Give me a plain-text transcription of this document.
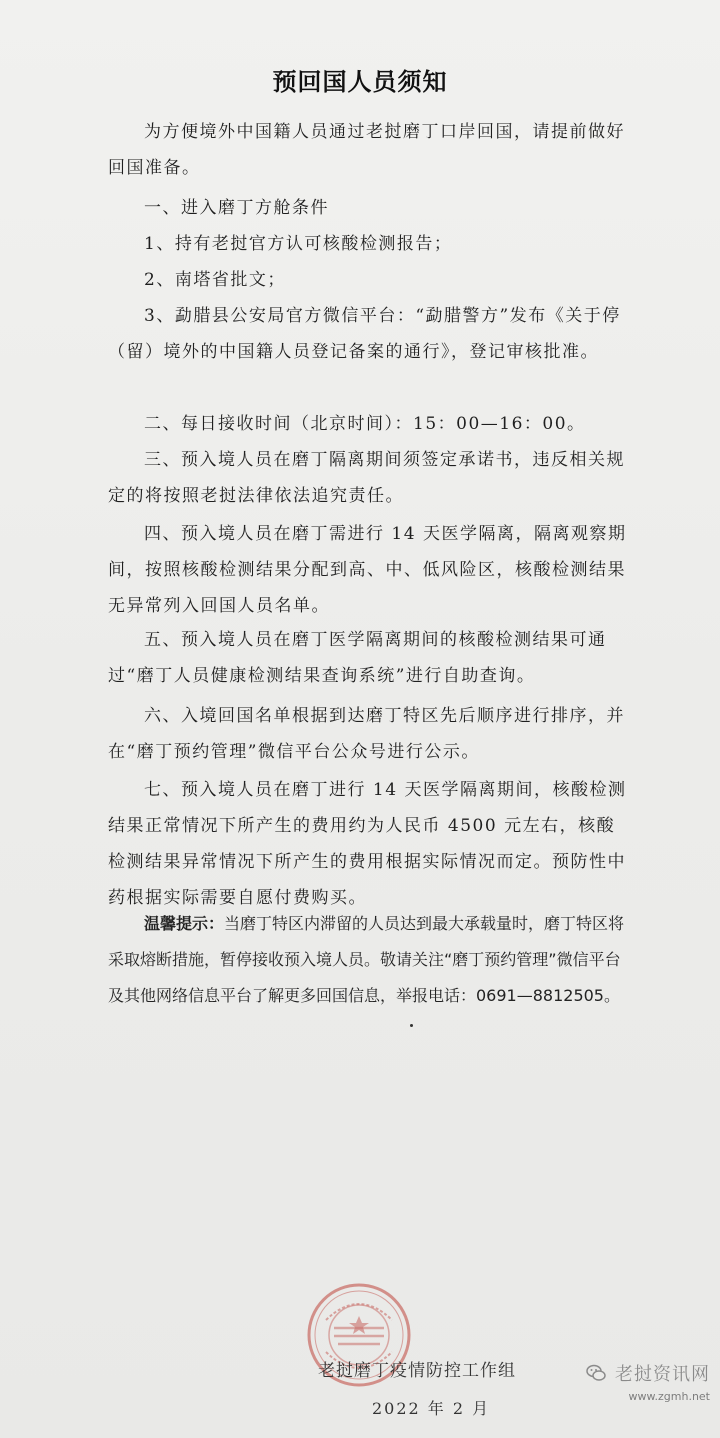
预回国人员须知
为方便境外中国籍人员通过老挝磨丁口岸回国，请提前做好回国准备。
一、进入磨丁方舱条件
1、持有老挝官方认可核酸检测报告；
2、南塔省批文；
3、勐腊县公安局官方微信平台：“勐腊警方”发布《关于停（留）境外的中国籍人员登记备案的通行》，登记审核批准。
二、每日接收时间（北京时间）：15：00—16：00。
三、预入境人员在磨丁隔离期间须签定承诺书，违反相关规定的将按照老挝法律依法追究责任。
四、预入境人员在磨丁需进行 14 天医学隔离，隔离观察期间，按照核酸检测结果分配到高、中、低风险区，核酸检测结果无异常列入回国人员名单。
五、预入境人员在磨丁医学隔离期间的核酸检测结果可通过“磨丁人员健康检测结果查询系统”进行自助查询。
六、入境回国名单根据到达磨丁特区先后顺序进行排序，并在“磨丁预约管理”微信平台公众号进行公示。
七、预入境人员在磨丁进行 14 天医学隔离期间，核酸检测结果正常情况下所产生的费用约为人民币 4500 元左右，核酸检测结果异常情况下所产生的费用根据实际情况而定。预防性中药根据实际需要自愿付费购买。
温馨提示：当磨丁特区内滞留的人员达到最大承载量时，磨丁特区将采取熔断措施，暂停接收预入境人员。敬请关注“磨丁预约管理”微信平台及其他网络信息平台了解更多回国信息，举报电话：0691—8812505。
老挝磨丁疫情防控工作组
2022 年 2 月
老挝资讯网
www.zgmh.net
